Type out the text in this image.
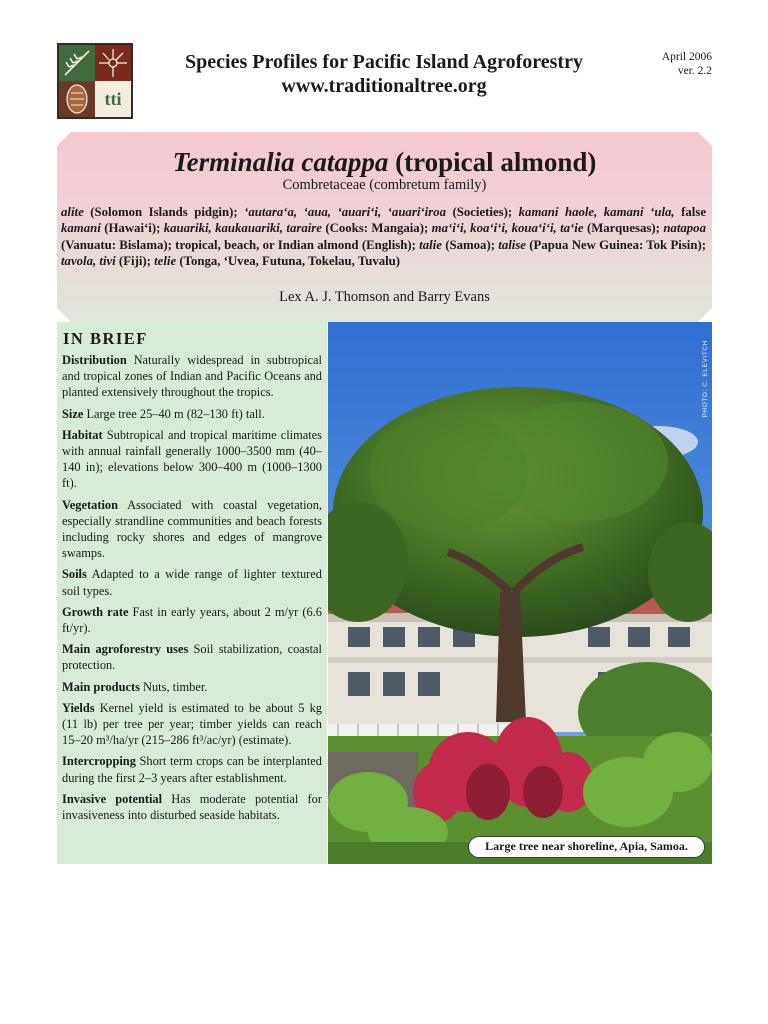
tti
Species Profiles for Pacific Island Agroforestry
www.traditionaltree.org
April 2006
ver. 2.2
Terminalia catappa (tropical almond)
Combretaceae (combretum family)
alite (Solomon Islands pidgin); ʻautaraʻa, ʻaua, ʻauariʻi, ʻauariʻiroa (Societies); kamani haole, kamani ʻula, false kamani (Hawaiʻi); kauariki, kaukauariki, taraire (Cooks: Mangaia); maʻiʻi, koaʻiʻi, kouaʻiʻi, taʻie (Marquesas); natapoa (Vanuatu: Bislama); tropical, beach, or Indian almond (English); talie (Samoa); talise (Papua New Guinea: Tok Pisin); tavola, tivi (Fiji); telie (Tonga, ʻUvea, Futuna, Tokelau, Tuvalu)
Lex A. J. Thomson and Barry Evans
IN BRIEF
Distribution Naturally widespread in subtropical and tropical zones of Indian and Pacific Oceans and planted extensively throughout the tropics.
Size Large tree 25–40 m (82–130 ft) tall.
Habitat Subtropical and tropical maritime climates with annual rainfall generally 1000–3500 mm (40–140 in); elevations below 300–400 m (1000–1300 ft).
Vegetation Associated with coastal vegetation, especially strandline communities and beach forests including rocky shores and edges of mangrove swamps.
Soils Adapted to a wide range of lighter textured soil types.
Growth rate Fast in early years, about 2 m/yr (6.6 ft/yr).
Main agroforestry uses Soil stabilization, coastal protection.
Main products Nuts, timber.
Yields Kernel yield is estimated to be about 5 kg (11 lb) per tree per year; timber yields can reach 15–20 m³/ha/yr (215–286 ft³/ac/yr) (estimate).
Intercropping Short term crops can be interplanted during the first 2–3 years after establishment.
Invasive potential Has moderate potential for invasiveness into disturbed seaside habitats.
PHOTO: C. ELEVITCH
Large tree near shoreline, Apia, Samoa.
